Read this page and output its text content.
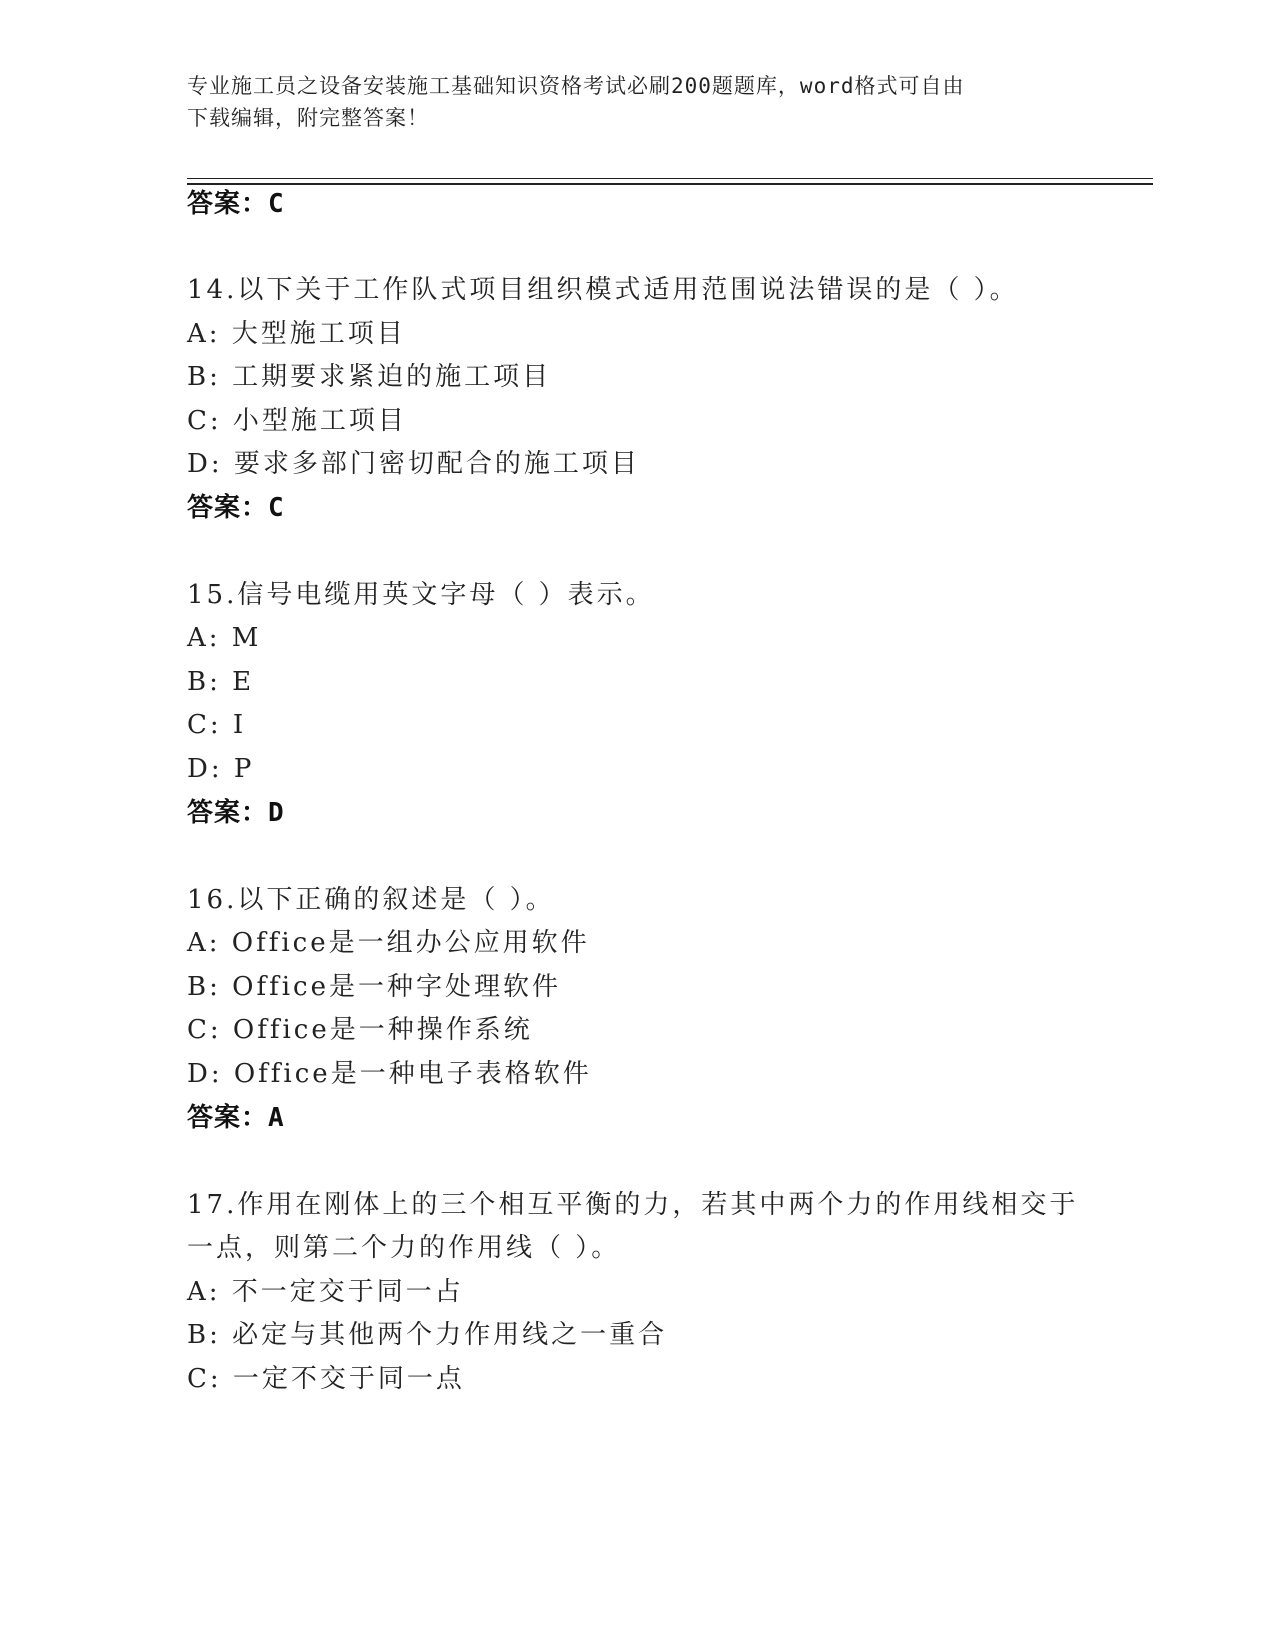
专业施工员之设备安装施工基础知识资格考试必刷200题题库，word格式可自由
下载编辑，附完整答案！
答案：C
14.以下关于工作队式项目组织模式适用范围说法错误的是（ ）。
A: 大型施工项目
B: 工期要求紧迫的施工项目
C: 小型施工项目
D: 要求多部门密切配合的施工项目
答案：C
15.信号电缆用英文字母（ ）表示。
A: M
B: E
C: I
D: P
答案：D
16.以下正确的叙述是（ ）。
A: Office是一组办公应用软件
B: Office是一种字处理软件
C: Office是一种操作系统
D: Office是一种电子表格软件
答案：A
17.作用在刚体上的三个相互平衡的力，若其中两个力的作用线相交于
一点，则第二个力的作用线（ ）。
A: 不一定交于同一占
B: 必定与其他两个力作用线之一重合
C: 一定不交于同一点
